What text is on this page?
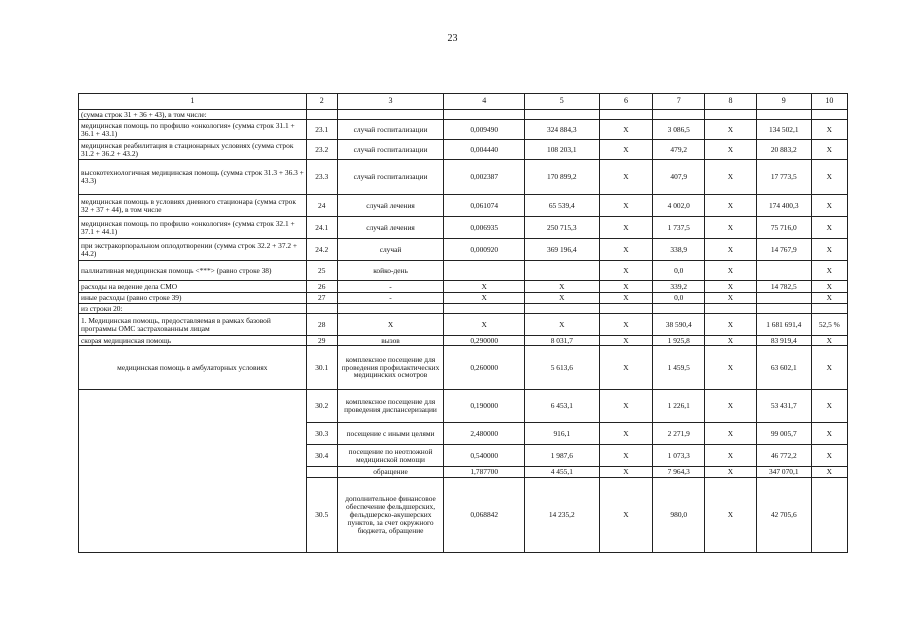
23
1	2	3	4	5	6	7	8	9	10
(сумма строк 31 + 36 + 43), в том числе:									
медицинская помощь по профилю «онкология» (сумма строк 31.1 + 36.1 + 43.1)	23.1	случай госпитализации	0,009490	324 884,3	X	3 086,5	X	134 502,1	X
медицинская реабилитация в стационарных условиях (сумма строк 31.2 + 36.2 + 43.2)	23.2	случай госпитализации	0,004440	108 203,1	X	479,2	X	20 883,2	X
высокотехнологичная медицинская помощь (сумма строк 31.3 + 36.3 + 43.3)	23.3	случай госпитализации	0,002387	170 899,2	X	407,9	X	17 773,5	X
медицинская помощь в условиях дневного стационара (сумма строк 32 + 37 + 44), в том числе	24	случай лечения	0,061074	65 539,4	X	4 002,0	X	174 400,3	X
медицинская помощь по профилю «онкология» (сумма строк 32.1 + 37.1 + 44.1)	24.1	случай лечения	0,006935	250 715,3	X	1 737,5	X	75 716,0	X
при экстракорпоральном оплодотворении (сумма строк 32.2 + 37.2 + 44.2)	24.2	случай	0,000920	369 196,4	X	338,9	X	14 767,9	X
паллиативная медицинская помощь <***> (равно строке 38)	25	койко-день			X	0,0	X		X
расходы на ведение дела СМО	26	-	X	X	X	339,2	X	14 782,5	X
иные расходы (равно строке 39)	27	-	X	X	X	0,0	X		X
из строки 20:									
1. Медицинская помощь, предоставляемая в рамках базовой программы ОМС застрахованным лицам	28	X	X	X	X	38 590,4	X	1 681 691,4	52,5 %
скорая медицинская помощь	29	вызов	0,290000	8 031,7	X	1 925,8	X	83 919,4	X
медицинская помощь в амбулаторных условиях	30.1	комплексное посещение для проведения профилактических медицинских осмотров	0,260000	5 613,6	X	1 459,5	X	63 602,1	X
	30.2	комплексное посещение для проведения диспансеризации	0,190000	6 453,1	X	1 226,1	X	53 431,7	X
	30.3	посещение с иными целями	2,480000	916,1	X	2 271,9	X	99 005,7	X
	30.4	посещение по неотложной медицинской помощи	0,540000	1 987,6	X	1 073,3	X	46 772,2	X
		обращение	1,787700	4 455,1	X	7 964,3	X	347 070,1	X
	30.5	дополнительное финансовое обеспечение фельдшерских, фельдшерско-акушерских пунктов, за счет окружного бюджета, обращение	0,068842	14 235,2	X	980,0	X	42 705,6	
